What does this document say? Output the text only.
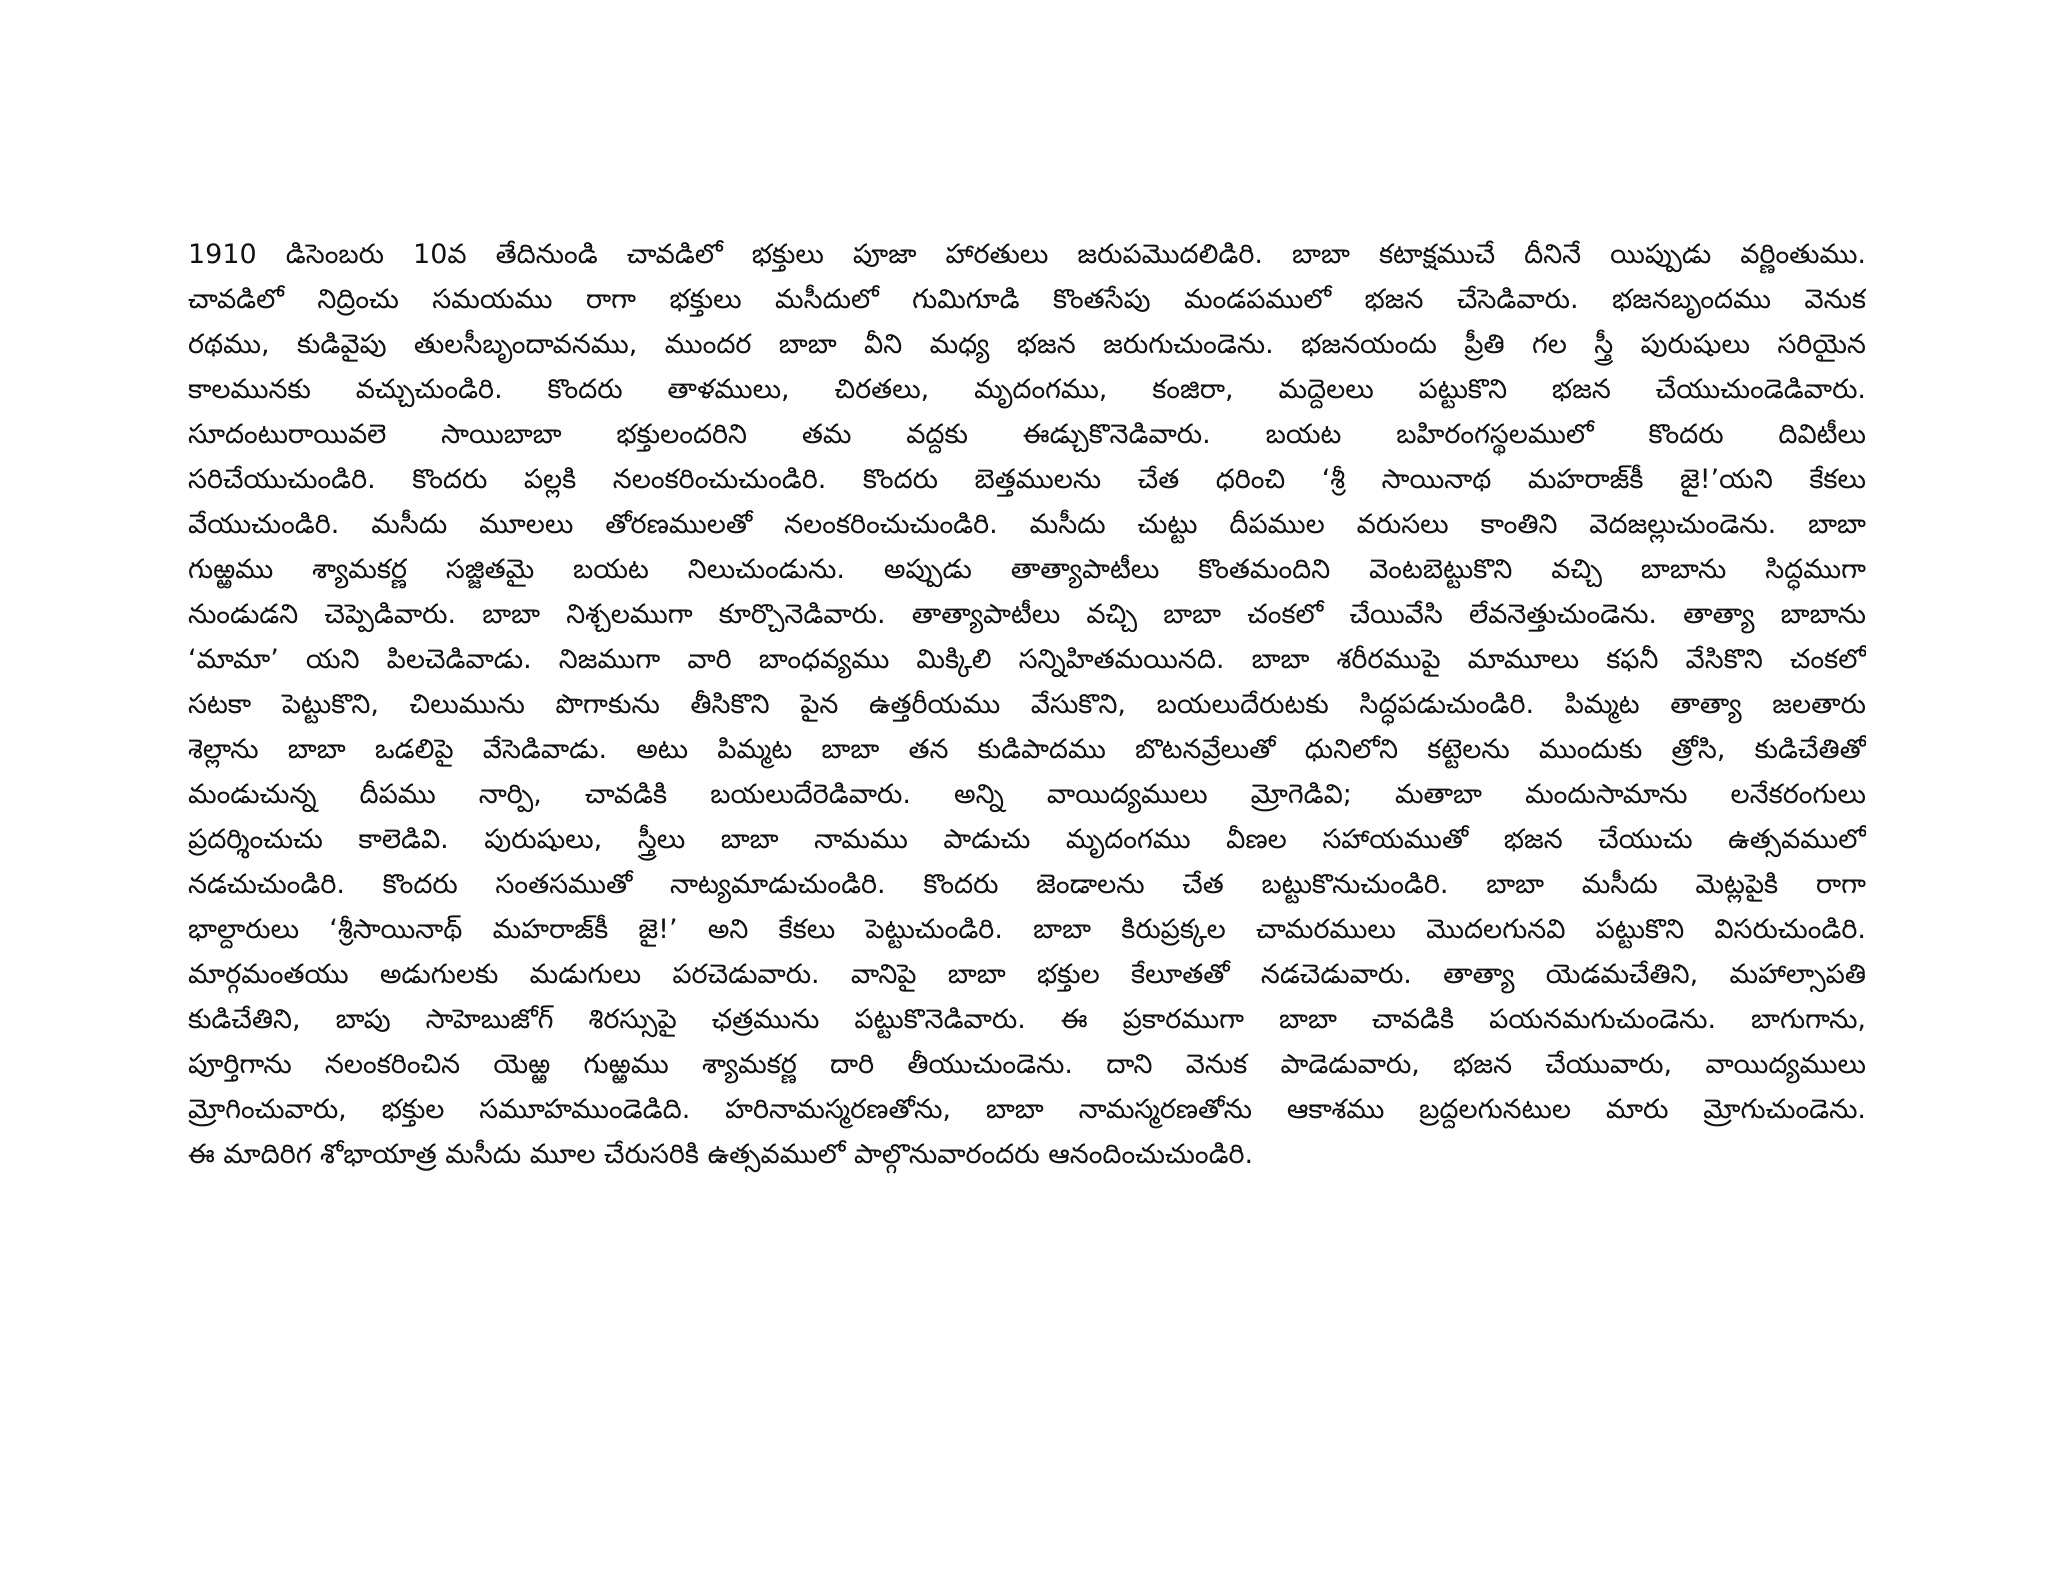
1910 డిసెంబరు 10వ తేదినుండి చావడిలో భక్తులు పూజా హారతులు జరుపమొదలిడిరి. బాబా కటాక్షముచే దీనినే యిప్పుడు వర్ణింతుము.
చావడిలో నిద్రించు సమయము రాగా భక్తులు మసీదులో గుమిగూడి కొంతసేపు మండపములో భజన చేసెడివారు. భజనబృందము వెనుక
రథము, కుడివైపు తులసీబృందావనము, ముందర బాబా వీని మధ్య భజన జరుగుచుండెను. భజనయందు ప్రీతి గల స్త్రీ పురుషులు సరియైన
కాలమునకు వచ్చుచుండిరి. కొందరు తాళములు, చిరతలు, మృదంగము, కంజిరా, మద్దెలలు పట్టుకొని భజన చేయుచుండెడివారు.
సూదంటురాయివలె సాయిబాబా భక్తులందరిని తమ వద్దకు ఈడ్చుకొనెడివారు. బయట బహిరంగస్థలములో కొందరు దివిటీలు
సరిచేయుచుండిరి. కొందరు పల్లకి నలంకరించుచుండిరి. కొందరు బెత్తములను చేత ధరించి ‘శ్రీ సాయినాథ మహరాజ్‌కీ జై!’యని కేకలు
వేయుచుండిరి. మసీదు మూలలు తోరణములతో నలంకరించుచుండిరి. మసీదు చుట్టు దీపముల వరుసలు కాంతిని వెదజల్లుచుండెను. బాబా
గుఱ్ఱము శ్యామకర్ణ సజ్జితమై బయట నిలుచుండును. అప్పుడు తాత్యాపాటీలు కొంతమందిని వెంటబెట్టుకొని వచ్చి బాబాను సిద్ధముగా
నుండుడని చెప్పెడివారు. బాబా నిశ్చలముగా కూర్చొనెడివారు. తాత్యాపాటీలు వచ్చి బాబా చంకలో చేయివేసి లేవనెత్తుచుండెను. తాత్యా బాబాను
‘మామా’ యని పిలచెడివాడు. నిజముగా వారి బాంధవ్యము మిక్కిలి సన్నిహితమయినది. బాబా శరీరముపై మామూలు కఫనీ వేసికొని చంకలో
సటకా పెట్టుకొని, చిలుమును పొగాకును తీసికొని పైన ఉత్తరీయము వేసుకొని, బయలుదేరుటకు సిద్ధపడుచుండిరి. పిమ్మట తాత్యా జలతారు
శెల్లాను బాబా ఒడలిపై వేసెడివాడు. అటు పిమ్మట బాబా తన కుడిపాదము బొటనవ్రేలుతో ధునిలోని కట్టెలను ముందుకు త్రోసి, కుడిచేతితో
మండుచున్న దీపము నార్పి, చావడికి బయలుదేరెడివారు. అన్ని వాయిద్యములు మ్రోగెడివి; మతాబా మందుసామాను లనేకరంగులు
ప్రదర్శించుచు కాలెడివి. పురుషులు, స్త్రీలు బాబా నామము పాడుచు మృదంగము వీణల సహాయముతో భజన చేయుచు ఉత్సవములో
నడచుచుండిరి. కొందరు సంతసముతో నాట్యమాడుచుండిరి. కొందరు జెండాలను చేత బట్టుకొనుచుండిరి. బాబా మసీదు మెట్లపైకి రాగా
భాల్దారులు ‘శ్రీసాయినాథ్ మహరాజ్‌కీ జై!’ అని కేకలు పెట్టుచుండిరి. బాబా కిరుప్రక్కల చామరములు మొదలగునవి పట్టుకొని విసరుచుండిరి.
మార్గమంతయు అడుగులకు మడుగులు పరచెడువారు. వానిపై బాబా భక్తుల కేలూతతో నడచెడువారు. తాత్యా యెడమచేతిని, మహాల్సాపతి
కుడిచేతిని, బాపు సాహెబుజోగ్ శిరస్సుపై ఛత్రమును పట్టుకొనెడివారు. ఈ ప్రకారముగా బాబా చావడికి పయనమగుచుండెను. బాగుగాను,
పూర్తిగాను నలంకరించిన యెఱ్ఱ గుఱ్ఱము శ్యామకర్ణ దారి తీయుచుండెను. దాని వెనుక పాడెడువారు, భజన చేయువారు, వాయిద్యములు
మ్రోగించువారు, భక్తుల సమూహముండెడిది. హరినామస్మరణతోను, బాబా నామస్మరణతోను ఆకాశము బ్రద్దలగునటుల మారు మ్రోగుచుండెను.
ఈ మాదిరిగ శోభాయాత్ర మసీదు మూల చేరుసరికి ఉత్సవములో పాల్గొనువారందరు ఆనందించుచుండిరి.
